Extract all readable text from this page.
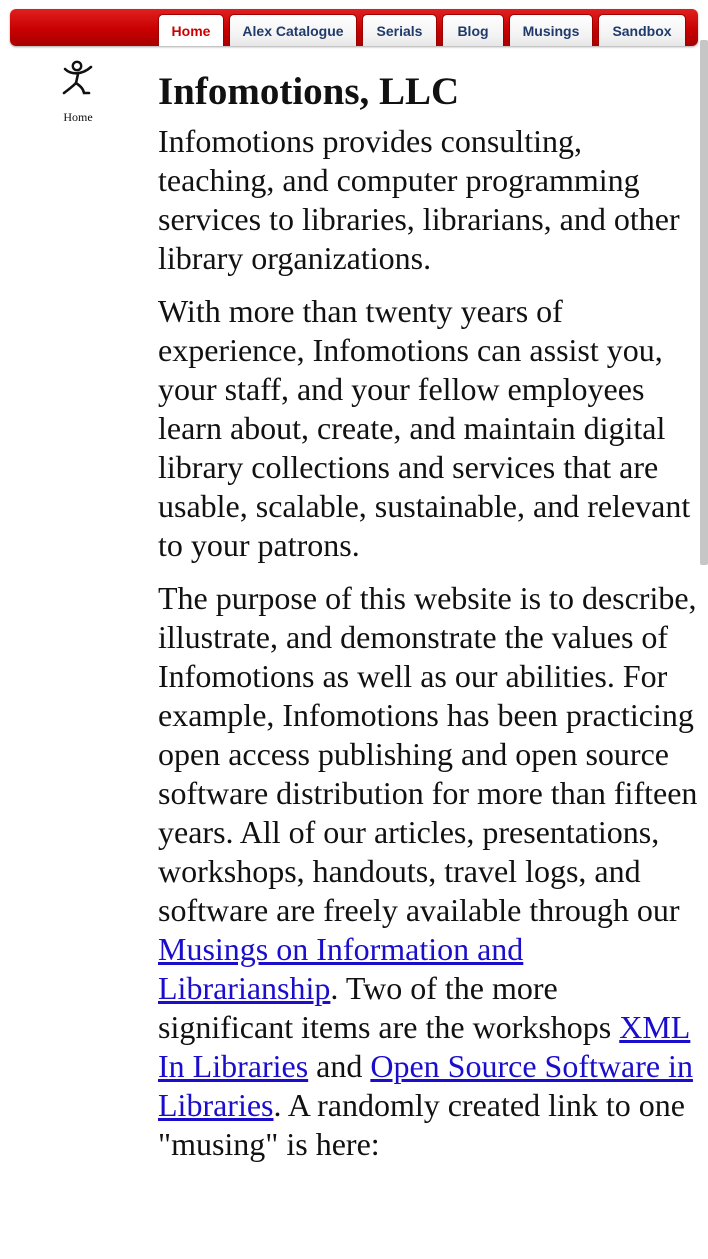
Home	Alex Catalogue	Serials	Blog	Musings	Sandbox
Home
Infomotions, LLC

Infomotions provides consulting, teaching, and computer programming services to libraries, librarians, and other library organizations.

With more than twenty years of experience, Infomotions can assist you, your staff, and your fellow employees learn about, create, and maintain digital library collections and services that are usable, scalable, sustainable, and relevant to your patrons.

The purpose of this website is to describe, illustrate, and demonstrate the values of Infomotions as well as our abilities. For example, Infomotions has been practicing open access publishing and open source software distribution for more than fifteen years. All of our articles, presentations, workshops, handouts, travel logs, and software are freely available through our Musings on Information and Librarianship. Two of the more significant items are the workshops XML In Libraries and Open Source Software in Libraries. A randomly created link to one "musing" is here:
